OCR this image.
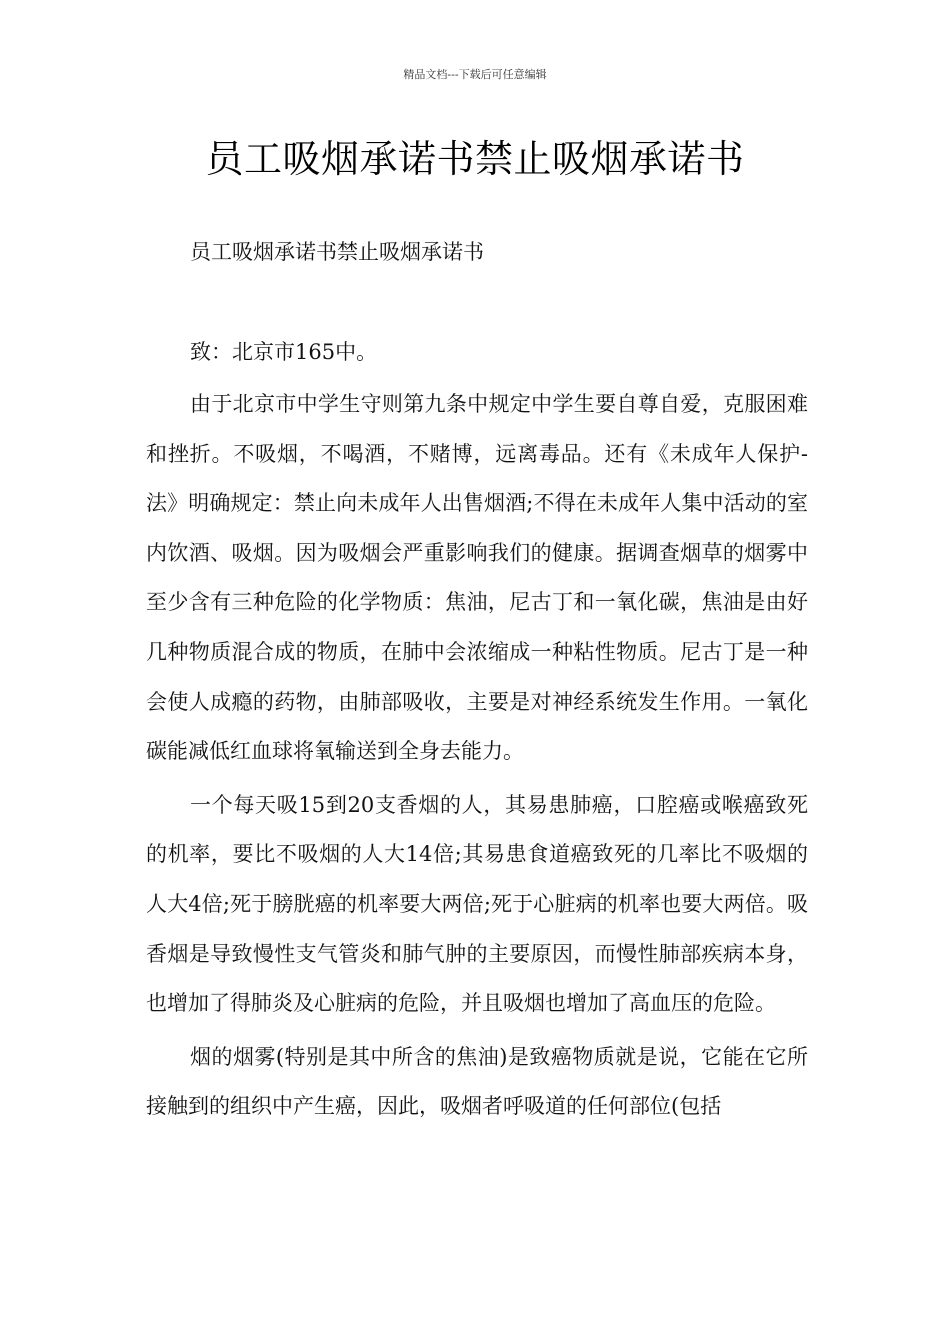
精品文档---下载后可任意编辑
员工吸烟承诺书禁止吸烟承诺书

员工吸烟承诺书禁止吸烟承诺书

致：北京市165中。

由于北京市中学生守则第九条中规定中学生要自尊自爱，克服困难和挫折。不吸烟，不喝酒，不赌博，远离毒品。还有《未成年人保护-法》明确规定：禁止向未成年人出售烟酒;不得在未成年人集中活动的室内饮酒、吸烟。因为吸烟会严重影响我们的健康。据调查烟草的烟雾中至少含有三种危险的化学物质：焦油，尼古丁和一氧化碳，焦油是由好几种物质混合成的物质，在肺中会浓缩成一种粘性物质。尼古丁是一种会使人成瘾的药物，由肺部吸收，主要是对神经系统发生作用。一氧化碳能减低红血球将氧输送到全身去能力。

一个每天吸15到20支香烟的人，其易患肺癌，口腔癌或喉癌致死的机率，要比不吸烟的人大14倍;其易患食道癌致死的几率比不吸烟的人大4倍;死于膀胱癌的机率要大两倍;死于心脏病的机率也要大两倍。吸香烟是导致慢性支气管炎和肺气肿的主要原因，而慢性肺部疾病本身，也增加了得肺炎及心脏病的危险，并且吸烟也增加了高血压的危险。

烟的烟雾(特别是其中所含的焦油)是致癌物质就是说，它能在它所接触到的组织中产生癌，因此，吸烟者呼吸道的任何部位(包括
